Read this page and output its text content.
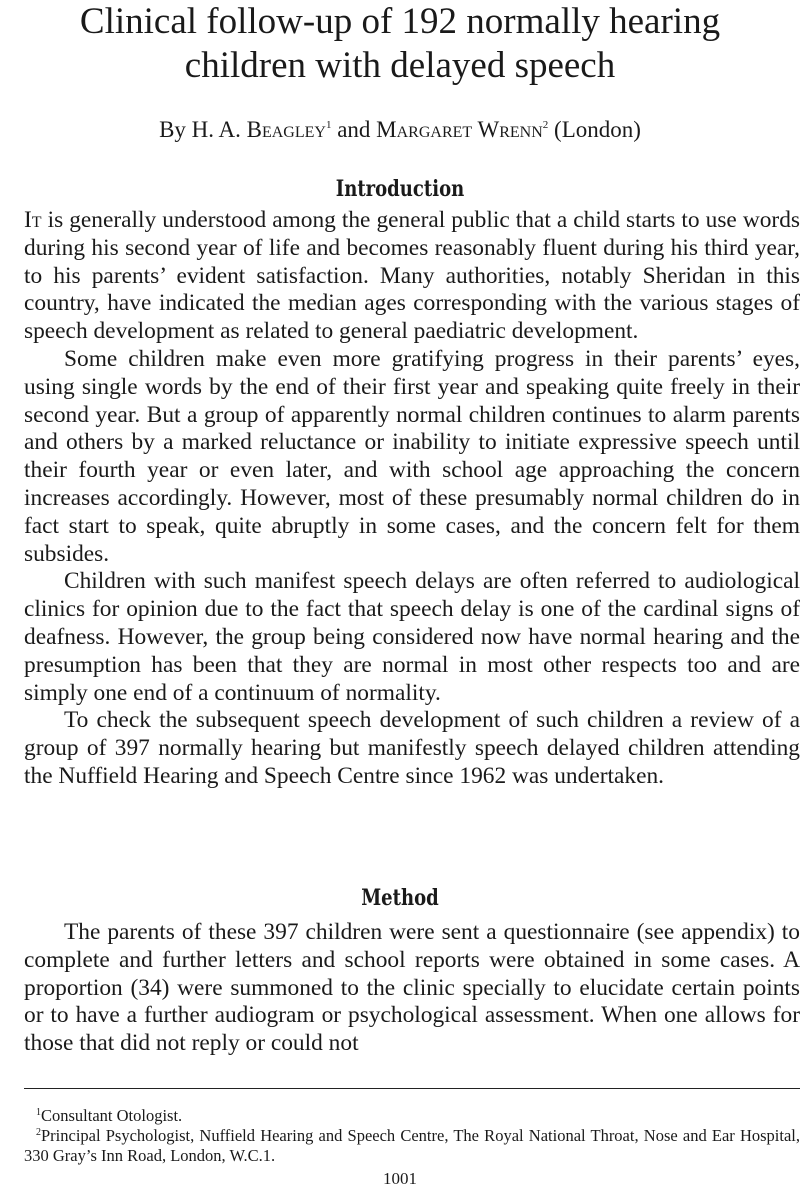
Clinical follow-up of 192 normally hearing
children with delayed speech

By H. A. Beagley$^1$ and Margaret Wrenn$^2$ (London)

Introduction

It is generally understood among the general public that a child starts to use words during his second year of life and becomes reasonably fluent during his third year, to his parents’ evident satisfaction. Many authorities, notably Sheridan in this country, have indicated the median ages corresponding with the various stages of speech development as related to general paediatric development.

Some children make even more gratifying progress in their parents’ eyes, using single words by the end of their first year and speaking quite freely in their second year. But a group of apparently normal children continues to alarm parents and others by a marked reluctance or inability to initiate expressive speech until their fourth year or even later, and with school age approaching the concern increases accordingly. However, most of these presumably normal children do in fact start to speak, quite abruptly in some cases, and the concern felt for them subsides.

Children with such manifest speech delays are often referred to audiological clinics for opinion due to the fact that speech delay is one of the cardinal signs of deafness. However, the group being considered now have normal hearing and the presumption has been that they are normal in most other respects too and are simply one end of a continuum of normality.

To check the subsequent speech development of such children a review of a group of 397 normally hearing but manifestly speech delayed children attending the Nuffield Hearing and Speech Centre since 1962 was undertaken.

Method

The parents of these 397 children were sent a questionnaire (see appendix) to complete and further letters and school reports were obtained in some cases. A proportion (34) were summoned to the clinic specially to elucidate certain points or to have a further audiogram or psychological assessment. When one allows for those that did not reply or could not

$^1$Consultant Otologist.

$^2$Principal Psychologist, Nuffield Hearing and Speech Centre, The Royal National Throat, Nose and Ear Hospital, 330 Gray’s Inn Road, London, W.C.1.

1001
